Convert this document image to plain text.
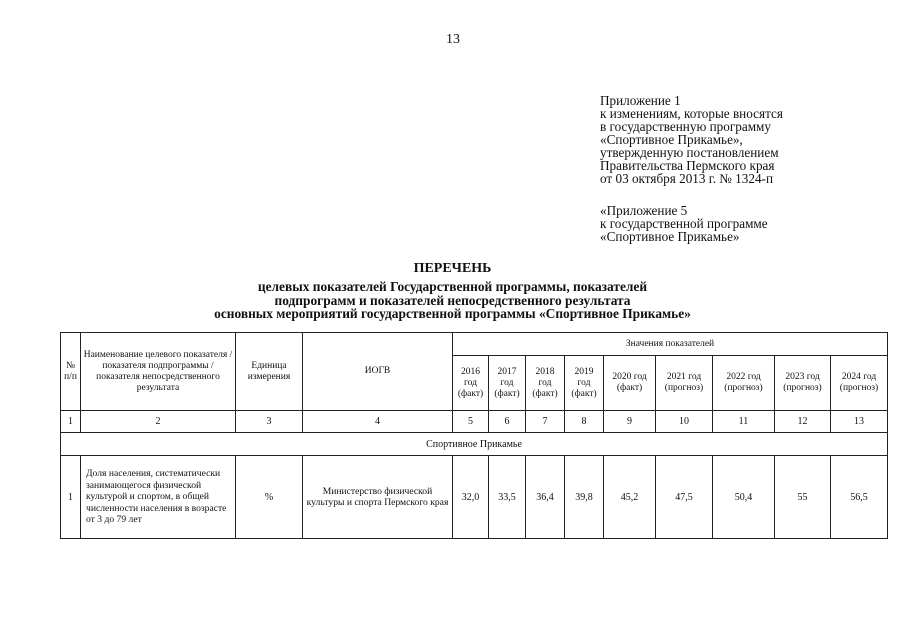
13
Приложение 1
к изменениям, которые вносятся
в государственную программу
«Спортивное Прикамье»,
утвержденную постановлением
Правительства Пермского края
от 03 октября 2013 г. № 1324-п
«Приложение 5
к государственной программе
«Спортивное Прикамье»
ПЕРЕЧЕНЬ
целевых показателей Государственной программы, показателей
подпрограмм и показателей непосредственного результата
основных мероприятий государственной программы «Спортивное Прикамье»
№ п/п	Наименование целевого показателя / показателя подпрограммы / показателя непосредственного результата	Единица измерения	ИОГВ	Значения показателей								
				2016 год (факт)	2017 год (факт)	2018 год (факт)	2019 год (факт)	2020 год (факт)	2021 год (прогноз)	2022 год (прогноз)	2023 год (прогноз)	2024 год (прогноз)
1	2	3	4	5	6	7	8	9	10	11	12	13
Спортивное Прикамье												
1	Доля населения, систематически занимающегося физической культурой и спортом, в общей численности населения в возрасте от 3 до 79 лет	%	Министерство физической культуры и спорта Пермского края	32,0	33,5	36,4	39,8	45,2	47,5	50,4	55	56,5
